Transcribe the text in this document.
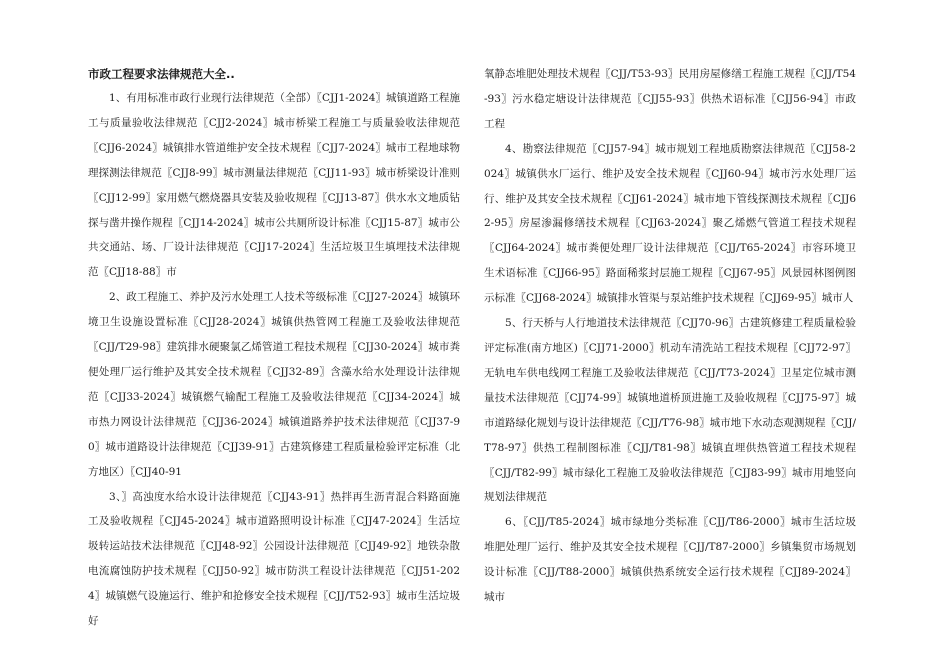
市政工程要求法律规范大全..

1、有用标准市政行业现行法律规范（全部）〖CJJ1-2024〗城镇道路工程施工与质量验收法律规范〖CJJ2-2024〗城市桥梁工程施工与质量验收法律规范〖CJJ6-2024〗城镇排水管道维护安全技术规程〖CJJ7-2024〗城市工程地球物理探测法律规范〖CJJ8-99〗城市测量法律规范〖CJJ11-93〗城市桥梁设计准则〖CJJ12-99〗家用燃气燃烧器具安装及验收规程〖CJJ13-87〗供水水文地质钻探与凿井操作规程〖CJJ14-2024〗城市公共厕所设计标准〖CJJ15-87〗城市公共交通站、场、厂设计法律规范〖CJJ17-2024〗生活垃圾卫生填埋技术法律规范〖CJJ18-88〗市

2、政工程施工、养护及污水处理工人技术等级标准〖CJJ27-2024〗城镇环境卫生设施设置标准〖CJJ28-2024〗城镇供热管网工程施工及验收法律规范〖CJJ/T29-98〗建筑排水硬聚氯乙烯管道工程技术规程〖CJJ30-2024〗城市粪便处理厂运行维护及其安全技术规程〖CJJ32-89〗含藻水给水处理设计法律规范〖CJJ33-2024〗城镇燃气输配工程施工及验收法律规范〖CJJ34-2024〗城市热力网设计法律规范〖CJJ36-2024〗城镇道路养护技术法律规范〖CJJ37-90〗城市道路设计法律规范〖CJJ39-91〗古建筑修建工程质量检验评定标准（北方地区）〖CJJ40-91

3、〗高浊度水给水设计法律规范〖CJJ43-91〗热拌再生沥青混合料路面施工及验收规程〖CJJ45-2024〗城市道路照明设计标准〖CJJ47-2024〗生活垃圾转运站技术法律规范〖CJJ48-92〗公园设计法律规范〖CJJ49-92〗地铁杂散电流腐蚀防护技术规程〖CJJ50-92〗城市防洪工程设计法律规范〖CJJ51-2024〗城镇燃气设施运行、维护和抢修安全技术规程〖CJJ/T52-93〗城市生活垃圾好

氧静态堆肥处理技术规程〖CJJ/T53-93〗民用房屋修缮工程施工规程〖CJJ/T54-93〗污水稳定塘设计法律规范〖CJJ55-93〗供热术语标准〖CJJ56-94〗市政工程

4、勘察法律规范〖CJJ57-94〗城市规划工程地质勘察法律规范〖CJJ58-2024〗城镇供水厂运行、维护及安全技术规程〖CJJ60-94〗城市污水处理厂运行、维护及其安全技术规程〖CJJ61-2024〗城市地下管线探测技术规程〖CJJ62-95〗房屋渗漏修缮技术规程〖CJJ63-2024〗聚乙烯燃气管道工程技术规程〖CJJ64-2024〗城市粪便处理厂设计法律规范〖CJJ/T65-2024〗市容环境卫生术语标准〖CJJ66-95〗路面稀浆封层施工规程〖CJJ67-95〗风景园林图例图示标准〖CJJ68-2024〗城镇排水管渠与泵站维护技术规程〖CJJ69-95〗城市人

5、行天桥与人行地道技术法律规范〖CJJ70-96〗古建筑修建工程质量检验评定标准(南方地区)〖CJJ71-2000〗机动车清洗站工程技术规程〖CJJ72-97〗无轨电车供电线网工程施工及验收法律规范〖CJJ/T73-2024〗卫星定位城市测量技术法律规范〖CJJ74-99〗城镇地道桥顶进施工及验收规程〖CJJ75-97〗城市道路绿化规划与设计法律规范〖CJJ/T76-98〗城市地下水动态观测规程〖CJJ/T78-97〗供热工程制图标准〖CJJ/T81-98〗城镇直埋供热管道工程技术规程〖CJJ/T82-99〗城市绿化工程施工及验收法律规范〖CJJ83-99〗城市用地竖向规划法律规范

6、〖CJJ/T85-2024〗城市绿地分类标准〖CJJ/T86-2000〗城市生活垃圾堆肥处理厂运行、维护及其安全技术规程〖CJJ/T87-2000〗乡镇集贸市场规划设计标准〖CJJ/T88-2000〗城镇供热系统安全运行技术规程〖CJJ89-2024〗城市
